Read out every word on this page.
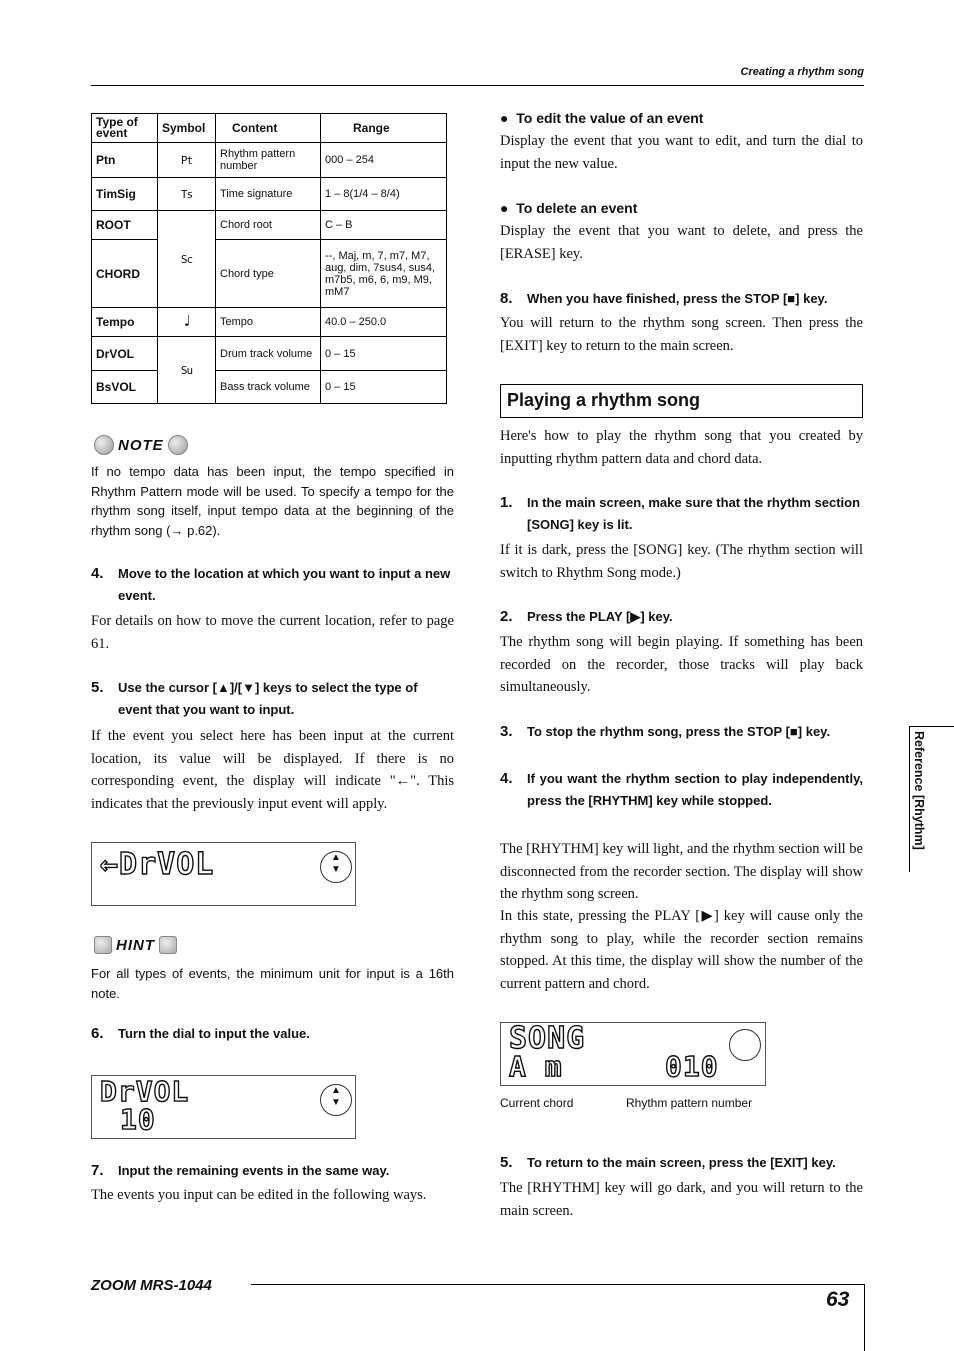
Creating a rhythm song
Type of event	Symbol	Content	Range
Ptn	Pt	Rhythm pattern number	000 – 254
TimSig	Ts	Time signature	1 – 8(1/4 – 8/4)
ROOT	Sc	Chord root	C – B
CHORD		Chord type	--, Maj, m, 7, m7, M7, aug, dim, 7sus4, sus4, m7b5, m6, 6, m9, M9, mM7
Tempo	♩	Tempo	40.0 – 250.0
DrVOL	Su	Drum track volume	0 – 15
BsVOL		Bass track volume	0 – 15
NOTE
If no tempo data has been input, the tempo specified in Rhythm Pattern mode will be used. To specify a tempo for the rhythm song itself, input tempo data at the beginning of the rhythm song (→ p.62).
4.	Move to the location at which you want to input a new event.
For details on how to move the current location, refer to page 61.
5.	Use the cursor [▲]/[▼] keys to select the type of event that you want to input.
If the event you select here has been input at the current location, its value will be displayed. If there is no corresponding event, the display will indicate "←". This indicates that the previously input event will apply.
←DrVOL	▲
▼
HINT
For all types of events, the minimum unit for input is a 16th note.
6.	Turn the dial to input the value.
DrVOL
10
▲
▼
7.	Input the remaining events in the same way.
The events you input can be edited in the following ways.
●  To edit the value of an event
Display the event that you want to edit, and turn the dial to input the new value.
●  To delete an event
Display the event that you want to delete, and press the [ERASE] key.
8.	When you have finished, press the STOP [■] key.
You will return to the rhythm song screen. Then press the [EXIT] key to return to the main screen.
Playing a rhythm song
Here's how to play the rhythm song that you created by inputting rhythm pattern data and chord data.
1.	In the main screen, make sure that the rhythm section [SONG] key is lit.
If it is dark, press the [SONG] key. (The rhythm section will switch to Rhythm Song mode.)
2.	Press the PLAY [▶] key.
The rhythm song will begin playing. If something has been recorded on the recorder, those tracks will play back simultaneously.
3.	To stop the rhythm song, press the STOP [■] key.
4.	If you want the rhythm section to play independently, press the [RHYTHM] key while stopped.
The [RHYTHM] key will light, and the rhythm section will be disconnected from the recorder section. The display will show the rhythm song screen.
In this state, pressing the PLAY [▶] key will cause only the rhythm song to play, while the recorder section remains stopped. At this time, the display will show the number of the current pattern and chord.
SONG
A m	010
Current chord	Rhythm pattern number
5.	To return to the main screen, press the [EXIT] key.
The [RHYTHM] key will go dark, and you will return to the main screen.
Reference [Rhythm]
ZOOM MRS-1044
63
